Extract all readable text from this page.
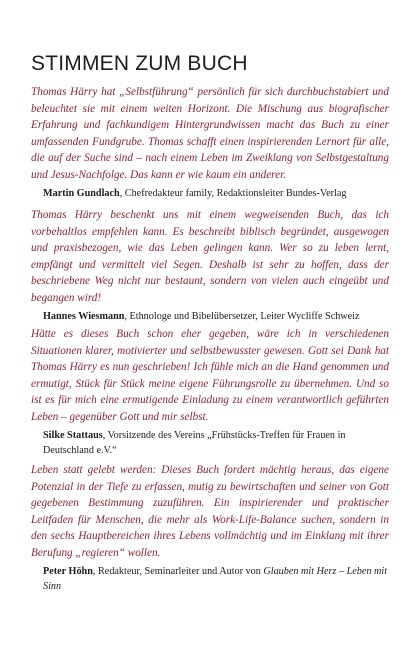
STIMMEN ZUM BUCH

Thomas Härry hat „Selbstführung“ persönlich für sich durchbuchstabiert und beleuchtet sie mit einem weiten Horizont. Die Mischung aus biografischer Erfahrung und fachkundigem Hintergrundwissen macht das Buch zu einer umfassenden Fundgrube. Thomas schafft einen inspirierenden Lernort für alle, die auf der Suche sind – nach einem Leben im Zweiklang von Selbstgestaltung und Jesus-Nachfolge. Das kann er wie kaum ein anderer.

Martin Gundlach, Chefredakteur family, Redaktionsleiter Bundes-Verlag

Thomas Härry beschenkt uns mit einem wegweisenden Buch, das ich vorbehaltlos empfehlen kann. Es beschreibt biblisch begründet, ausgewogen und praxisbezogen, wie das Leben gelingen kann. Wer so zu leben lernt, empfängt und vermittelt viel Segen. Deshalb ist sehr zu hoffen, dass der beschriebene Weg nicht nur bestaunt, sondern von vielen auch eingeübt und begangen wird!

Hannes Wiesmann, Ethnologe und Bibelübersetzer, Leiter Wycliffe Schweiz

Hätte es dieses Buch schon eher gegeben, wäre ich in verschiedenen Situationen klarer, motivierter und selbstbewusster gewesen. Gott sei Dank hat Thomas Härry es nun geschrieben! Ich fühle mich an die Hand genommen und ermutigt, Stück für Stück meine eigene Führungsrolle zu übernehmen. Und so ist es für mich eine ermutigende Einladung zu einem verantwortlich geführten Leben – gegenüber Gott und mir selbst.

Silke Stattaus, Vorsitzende des Vereins „Frühstücks-Treffen für Frauen in Deutschland e.V.“

Leben statt gelebt werden: Dieses Buch fordert mächtig heraus, das eigene Potenzial in der Tiefe zu erfassen, mutig zu bewirtschaften und seiner von Gott gegebenen Bestimmung zuzuführen. Ein inspirierender und praktischer Leitfaden für Menschen, die mehr als Work-Life-Balance suchen, sondern in den sechs Hauptbereichen ihres Lebens vollmächtig und im Einklang mit ihrer Berufung „regieren“ wollen.

Peter Höhn, Redakteur, Seminarleiter und Autor von Glauben mit Herz – Leben mit Sinn
